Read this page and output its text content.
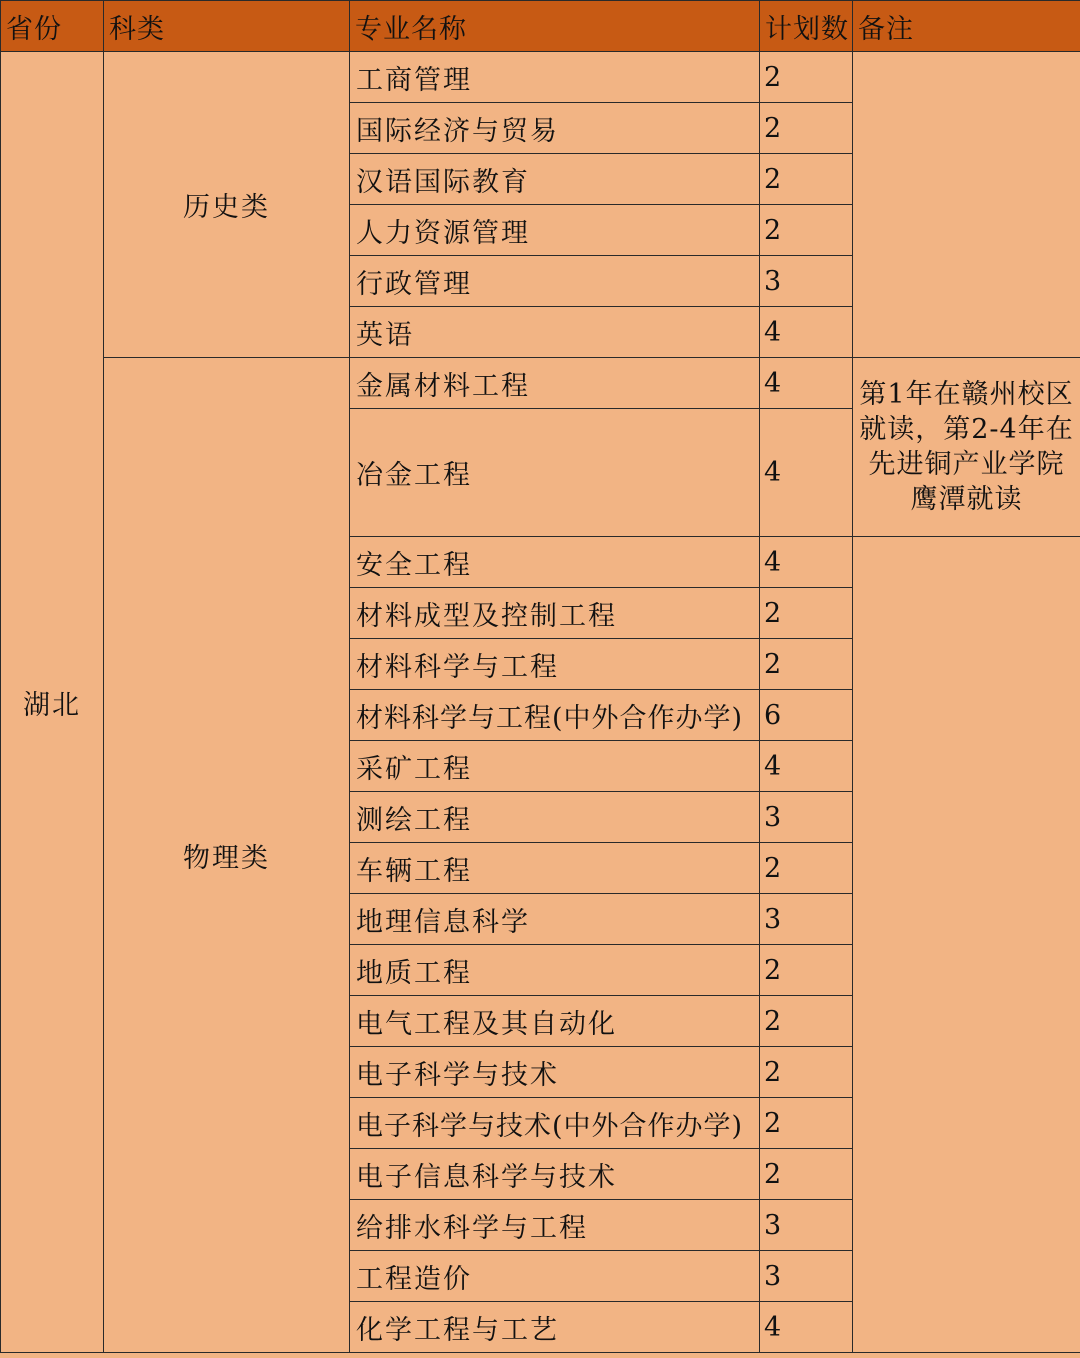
省份	科类	专业名称	计划数	备注
湖北	历史类	工商管理	2	
		国际经济与贸易	2	
		汉语国际教育	2	
		人力资源管理	2	
		行政管理	3	
		英语	4	
	物理类	金属材料工程	4	第1年在赣州校区就读，第2-4年在先进铜产业学院鹰潭就读
		冶金工程	4	
		安全工程	4	
		材料成型及控制工程	2	
		材料科学与工程	2	
		材料科学与工程(中外合作办学)	6	
		采矿工程	4	
		测绘工程	3	
		车辆工程	2	
		地理信息科学	3	
		地质工程	2	
		电气工程及其自动化	2	
		电子科学与技术	2	
		电子科学与技术(中外合作办学)	2	
		电子信息科学与技术	2	
		给排水科学与工程	3	
		工程造价	3	
		化学工程与工艺	4	
